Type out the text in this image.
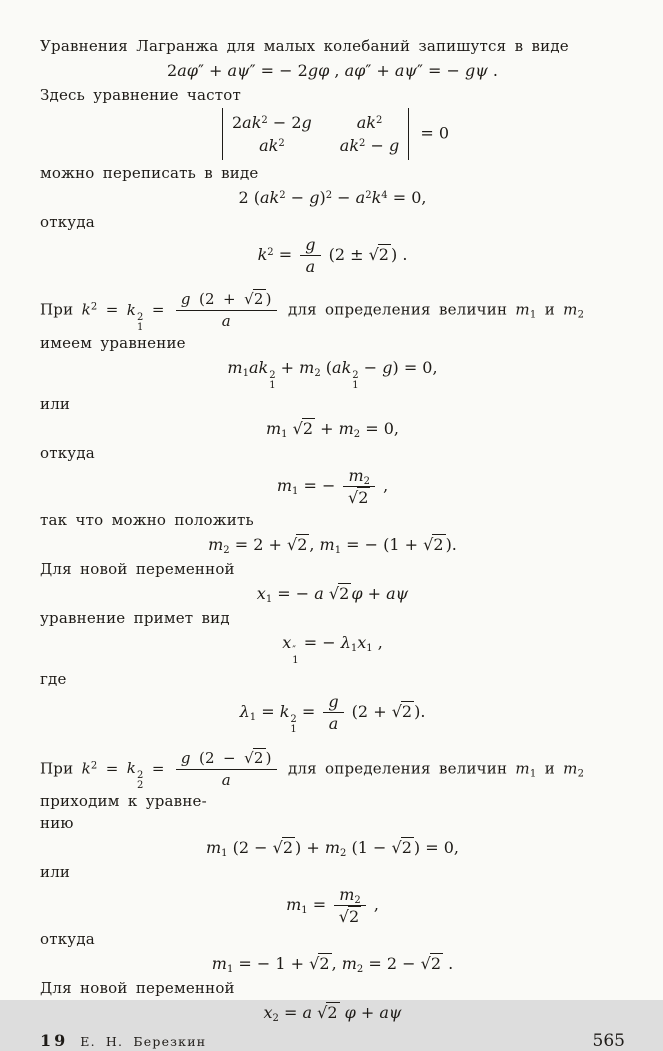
Уравнения Лагранжа для малых колебаний запишутся в виде
2aφ″ + aψ″ = − 2gφ , aφ″ + aψ″ = − gψ .
Здесь уравнение частот
$2ak^2 - 2g$	$ak^2$
$ak^2$	$ak^2 - g$
= 0
можно переписать в виде
2 $(ak^2 - g)^2 - a^2k^4 = 0$,
откуда
$k^2 = \frac{g}{a} (2 \pm √2$ ) .
При $k^2 = k$ 2
1
= $\frac{g (2 + √2 )}{a}$ для определения величин $m_1$ и $m_2$ имеем уравнение
$m_1ak$ 2
1
+ $m_2$ (ak 2
1
− g) = 0,
или
$m_1$ $√2 + m_2 = 0$,
откуда
$m_1$ = − $\frac{m_2}{√2}$ ,
так что можно положить
$m_2 = 2 + √2$ , $m_1$ = − (1 + √2 ).
Для новой переменной
$x_1$ = − a √2 φ + aψ
уравнение примет вид
x ″
1
= − $\lambda_1x_1$ ,
где
$\lambda_1 = k$ 2
1
= $\frac{g}{a} (2 + √2$ ).
При $k^2 = k$ 2
2
= $\frac{g (2 - √2 )}{a}$ для определения величин $m_1$ и $m_2$ приходим к уравне-
нию
$m_1$ (2 − √2 ) + $m_2$ (1 − √2 ) = 0,
или
$m_1 = \frac{m_2}{√2}$ ,
откуда
$m_1$ = − 1 + √2 , $m_2 = 2 - √2$ .
Для новой переменной
$x_2 = a$ √2 φ + aψ
19 Е. Н. Березкин	565
